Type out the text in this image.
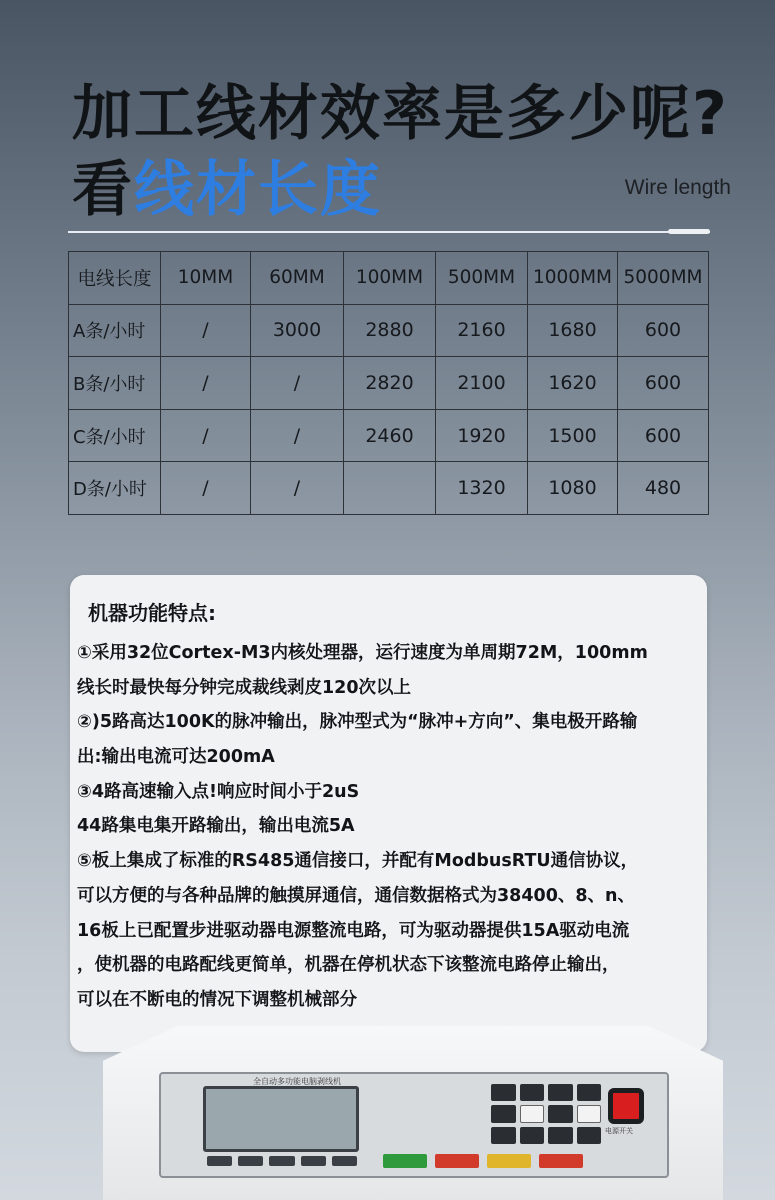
加工线材效率是多少呢?
看线材长度	Wire length
电线长度	10MM	60MM	100MM	500MM	1000MM	5000MM
A条/小时	/	3000	2880	2160	1680	600
B条/小时	/	/	2820	2100	1620	600
C条/小时	/	/	2460	1920	1500	600
D条/小时	/	/		1320	1080	480
机器功能特点:
①采用32位Cortex-M3内核处理器，运行速度为单周期72M，100mm
线长时最快每分钟完成裁线剥皮120次以上
②)5路高达100K的脉冲输出，脉冲型式为“脉冲+方向”、集电极开路输
出:输出电流可达200mA
③4路高速输入点!响应时间小于2uS
44路集电集开路输出，输出电流5A
⑤板上集成了标准的RS485通信接口，并配有ModbusRTU通信协议，
可以方便的与各种品牌的触摸屏通信，通信数据格式为38400、8、n、
16板上已配置步进驱动器电源整流电路，可为驱动器提供15A驱动电流
，使机器的电路配线更简单，机器在停机状态下该整流电路停止输出，
可以在不断电的情况下调整机械部分
全自动多功能电脑剥线机
电源开关
